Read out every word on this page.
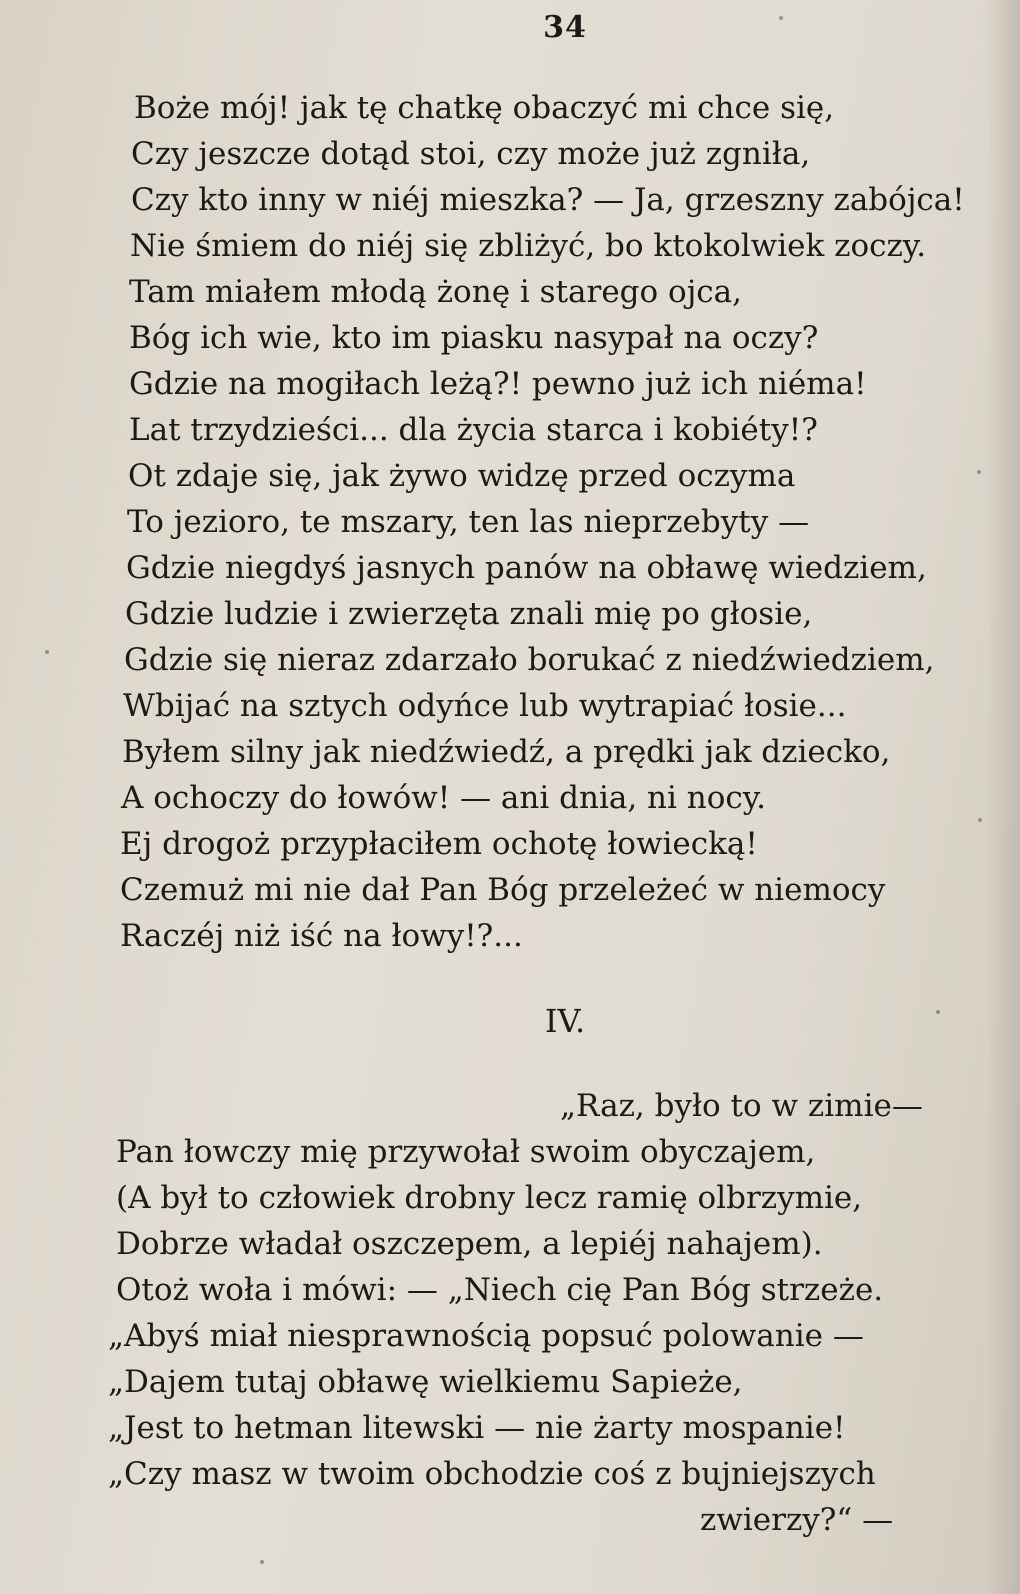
34
Boże mój! jak tę chatkę obaczyć mi chce się,
Czy jeszcze dotąd stoi, czy może już zgniła,
Czy kto inny w niéj mieszka? — Ja, grzeszny zabójca!
Nie śmiem do niéj się zbliżyć, bo ktokolwiek zoczy.
Tam miałem młodą żonę i starego ojca,
Bóg ich wie, kto im piasku nasypał na oczy?
Gdzie na mogiłach leżą?! pewno już ich niéma!
Lat trzydzieści... dla życia starca i kobiéty!?
Ot zdaje się, jak żywo widzę przed oczyma
To jezioro, te mszary, ten las nieprzebyty —
Gdzie niegdyś jasnych panów na obławę wiedziem,
Gdzie ludzie i zwierzęta znali mię po głosie,
Gdzie się nieraz zdarzało borukać z niedźwiedziem,
Wbijać na sztych odyńce lub wytrapiać łosie...
Byłem silny jak niedźwiedź, a prędki jak dziecko,
A ochoczy do łowów! — ani dnia, ni nocy.
Ej drogoż przypłaciłem ochotę łowiecką!
Czemuż mi nie dał Pan Bóg przeleżeć w niemocy
Raczéj niż iść na łowy!?...
IV.
„Raz, było to w zimie—
Pan łowczy mię przywołał swoim obyczajem,
(A był to człowiek drobny lecz ramię olbrzymie,
Dobrze władał oszczepem, a lepiéj nahajem).
Otoż woła i mówi: — „Niech cię Pan Bóg strzeże.
„Abyś miał niesprawnością popsuć polowanie —
„Dajem tutaj obławę wielkiemu Sapieże,
„Jest to hetman litewski — nie żarty mospanie!
„Czy masz w twoim obchodzie coś z bujniejszych
zwierzy?“ —
